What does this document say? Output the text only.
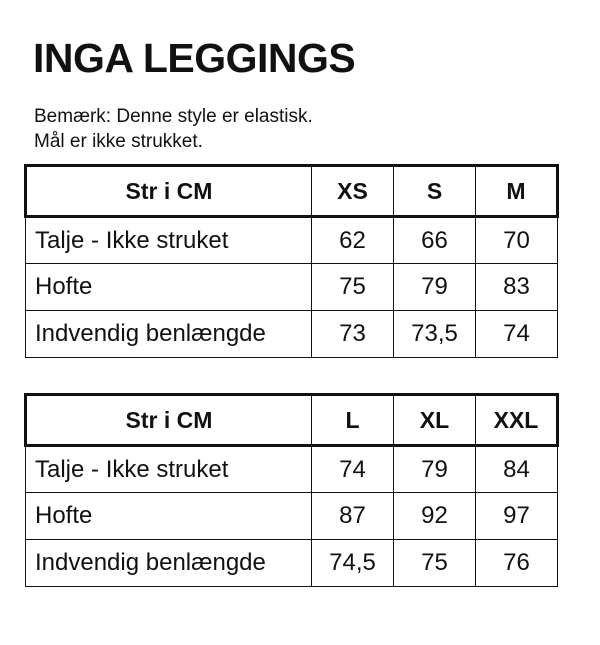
INGA LEGGINGS
Bemærk: Denne style er elastisk.
Mål er ikke strukket.
Str i CM	XS	S	M
Talje - Ikke struket	62	66	70
Hofte	75	79	83
Indvendig benlængde	73	73,5	74
Str i CM	L	XL	XXL
Talje - Ikke struket	74	79	84
Hofte	87	92	97
Indvendig benlængde	74,5	75	76
